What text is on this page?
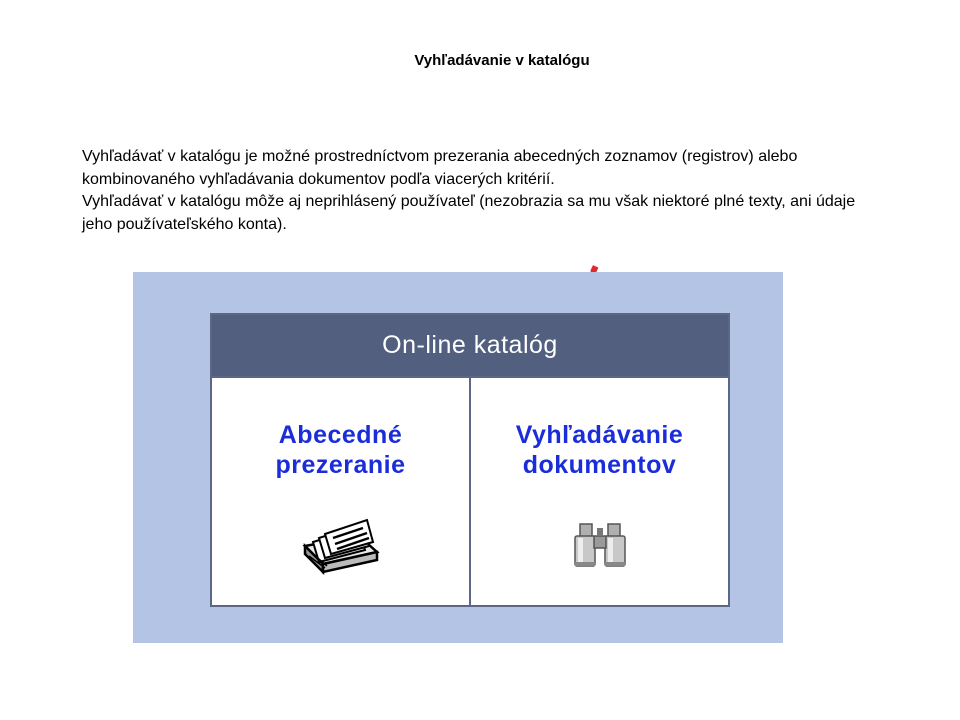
Vyhľadávanie v katalógu

Vyhľadávať v katalógu je možné prostredníctvom prezerania abecedných zoznamov (registrov) alebo kombinovaného vyhľadávania dokumentov podľa viacerých kritérií.

Vyhľadávať v katalógu môže aj neprihlásený používateľ (nezobrazia sa mu však niektoré plné texty, ani údaje jeho používateľského konta).

On-line katalóg
Abecedné
prezeranie
Vyhľadávanie
dokumentov
